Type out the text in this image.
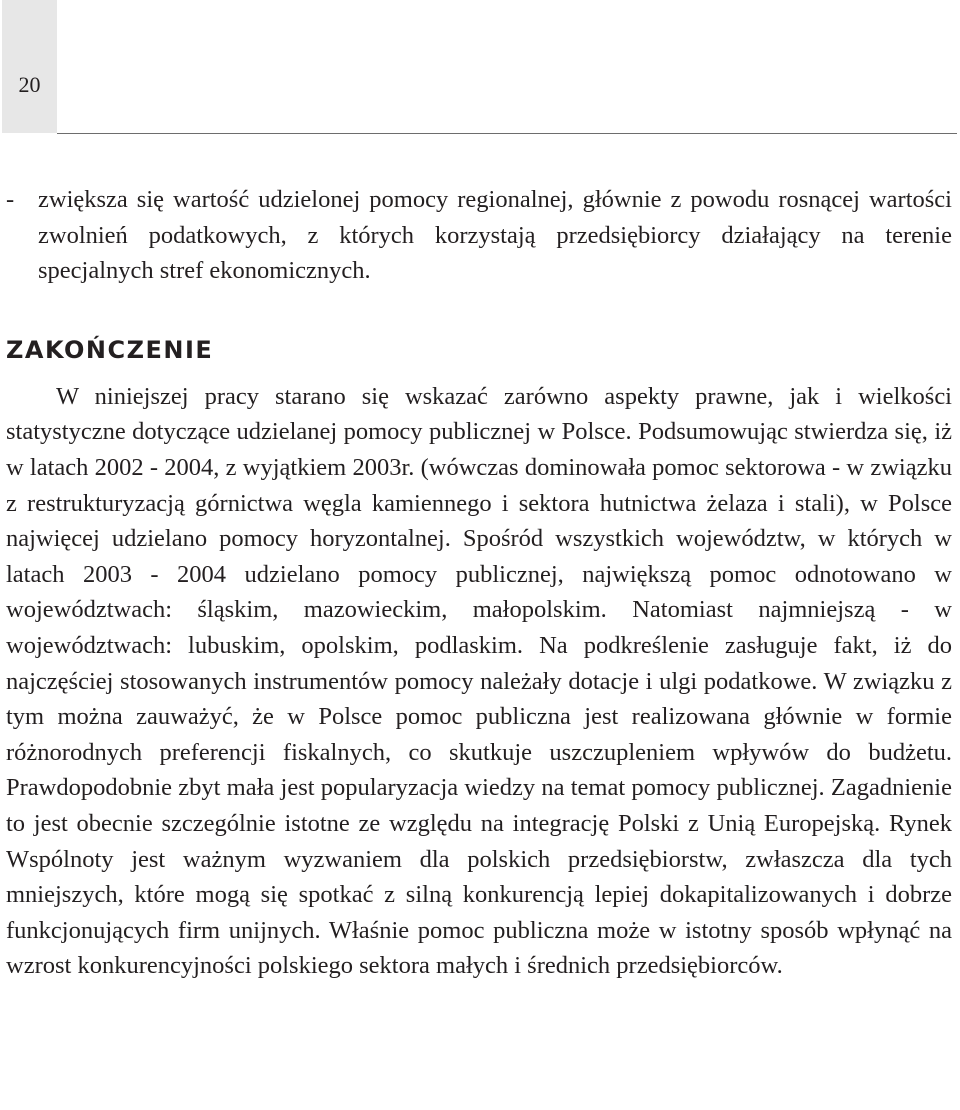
20
- zwiększa się wartość udzielonej pomocy regionalnej, głównie z powodu rosnącej wartości zwolnień podatkowych, z których korzystają przedsiębiorcy działający na terenie specjalnych stref ekonomicznych.
ZAKOŃCZENIE

W niniejszej pracy starano się wskazać zarówno aspekty prawne, jak i wielkości statystyczne dotyczące udzielanej pomocy publicznej w Polsce. Podsumowując stwierdza się, iż w latach 2002 - 2004, z wyjątkiem 2003r. (wówczas dominowała pomoc sektorowa - w związku z restrukturyzacją górnictwa węgla kamiennego i sektora hutnictwa żelaza i stali), w Polsce najwięcej udzielano pomocy horyzontalnej. Spośród wszystkich województw, w których w latach 2003 - 2004 udzielano pomocy publicznej, największą pomoc odnotowano w województwach: śląskim, mazowieckim, małopolskim. Natomiast najmniejszą - w województwach: lubuskim, opolskim, podlaskim. Na podkreślenie zasługuje fakt, iż do najczęściej stosowanych instrumentów pomocy należały dotacje i ulgi podatkowe. W związku z tym można zauważyć, że w Polsce pomoc publiczna jest realizowana głównie w formie różnorodnych preferencji fiskalnych, co skutkuje uszczupleniem wpływów do budżetu. Prawdopodobnie zbyt mała jest popularyzacja wiedzy na temat pomocy publicznej. Zagadnienie to jest obecnie szczególnie istotne ze względu na integrację Polski z Unią Europejską. Rynek Wspólnoty jest ważnym wyzwaniem dla polskich przedsiębiorstw, zwłaszcza dla tych mniejszych, które mogą się spotkać z silną konkurencją lepiej dokapitalizowanych i dobrze funkcjonujących firm unijnych. Właśnie pomoc publiczna może w istotny sposób wpłynąć na wzrost konkurencyjności polskiego sektora małych i średnich przedsiębiorców.
